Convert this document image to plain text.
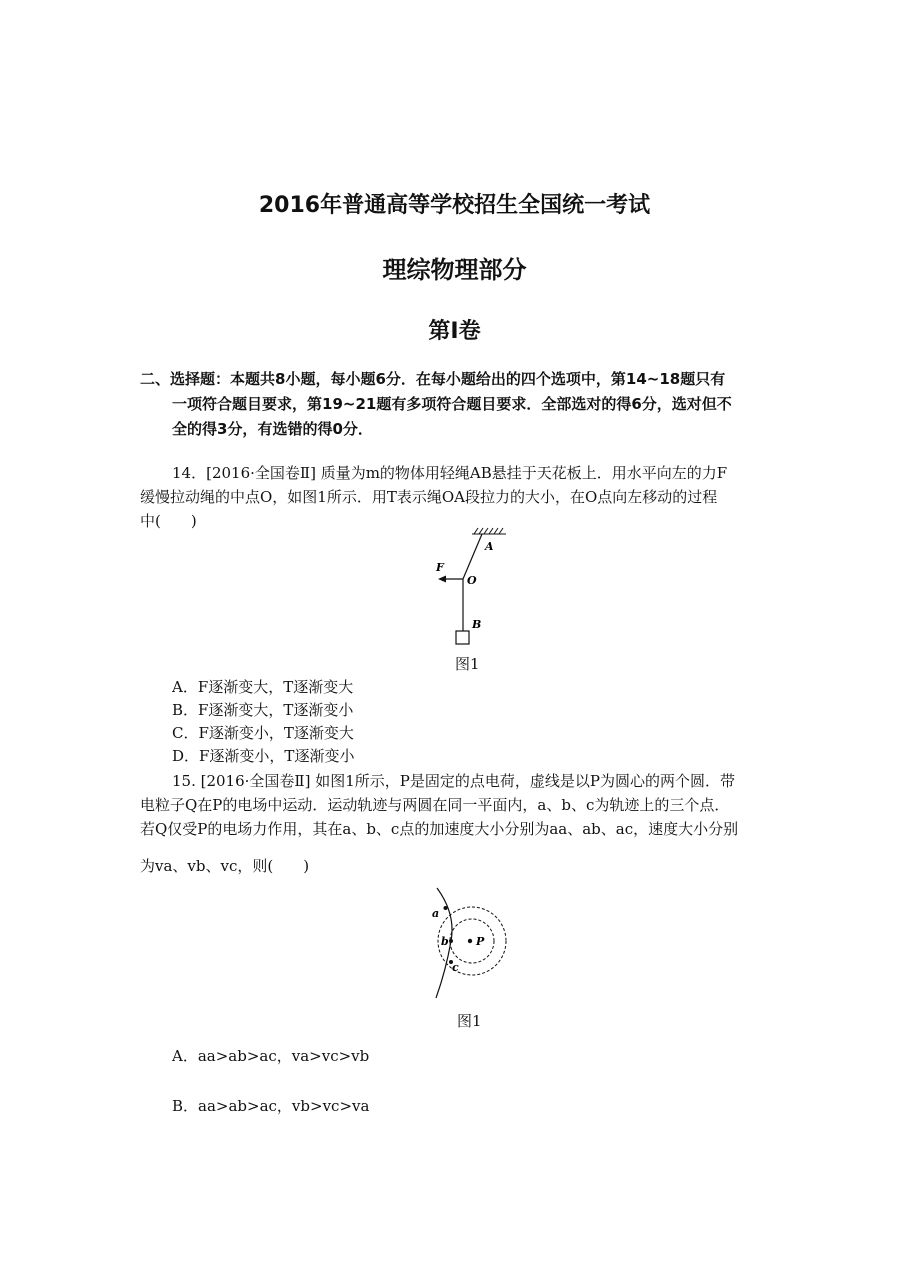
2016年普通高等学校招生全国统一考试
理综物理部分
第Ⅰ卷
二、选择题：本题共8小题，每小题6分．在每小题给出的四个选项中，第14~18题只有
一项符合题目要求，第19~21题有多项符合题目要求．全部选对的得6分，选对但不
全的得3分，有选错的得0分．
14．[2016·全国卷Ⅱ] 质量为m的物体用轻绳AB悬挂于天花板上．用水平向左的力F
缓慢拉动绳的中点O，如图1所示．用T表示绳OA段拉力的大小，在O点向左移动的过程
中(　　)
A
O
F
B
图1
A．F逐渐变大，T逐渐变大
B．F逐渐变大，T逐渐变小
C．F逐渐变小，T逐渐变大
D．F逐渐变小，T逐渐变小
15. [2016·全国卷Ⅱ] 如图1所示，P是固定的点电荷，虚线是以P为圆心的两个圆．带
电粒子Q在P的电场中运动．运动轨迹与两圆在同一平面内，a、b、c为轨迹上的三个点．
若Q仅受P的电场力作用，其在a、b、c点的加速度大小分别为aa、ab、ac，速度大小分别
为va、vb、vc，则(　　)
a
b
c
P
图1
A．aa>ab>ac，va>vc>vb
B．aa>ab>ac，vb>vc>va
